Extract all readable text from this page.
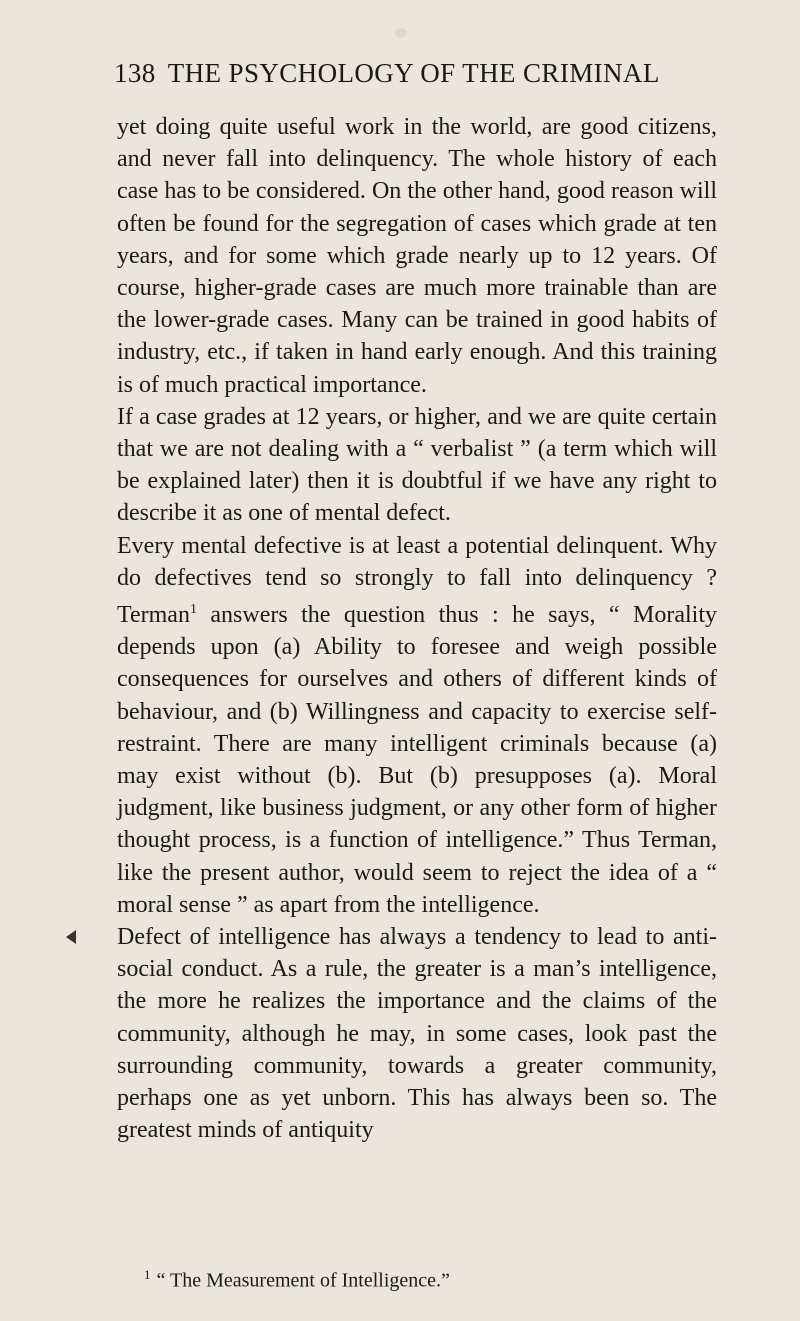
138 THE PSYCHOLOGY OF THE CRIMINAL

yet doing quite useful work in the world, are good citizens, and never fall into delinquency. The whole history of each case has to be considered. On the other hand, good reason will often be found for the segregation of cases which grade at ten years, and for some which grade nearly up to 12 years. Of course, higher-grade cases are much more trainable than are the lower-grade cases. Many can be trained in good habits of industry, etc., if taken in hand early enough. And this training is of much practical importance.

If a case grades at 12 years, or higher, and we are quite certain that we are not dealing with a “ verbalist ” (a term which will be explained later) then it is doubtful if we have any right to describe it as one of mental defect.

Every mental defective is at least a potential delinquent. Why do defectives tend so strongly to fall into delinquency ? Terman$^1$ answers the question thus : he says, “ Morality depends upon (a) Ability to foresee and weigh possible consequences for ourselves and others of different kinds of behaviour, and (b) Willingness and capacity to exercise self-restraint. There are many intelligent criminals because (a) may exist without (b). But (b) presupposes (a). Moral judgment, like business judgment, or any other form of higher thought process, is a function of intelligence.” Thus Terman, like the present author, would seem to reject the idea of a “ moral sense ” as apart from the intelligence.

Defect of intelligence has always a tendency to lead to anti-social conduct. As a rule, the greater is a man’s intelligence, the more he realizes the importance and the claims of the community, although he may, in some cases, look past the surrounding community, towards a greater community, perhaps one as yet unborn. This has always been so. The greatest minds of antiquity

$^1$ “ The Measurement of Intelligence.”
